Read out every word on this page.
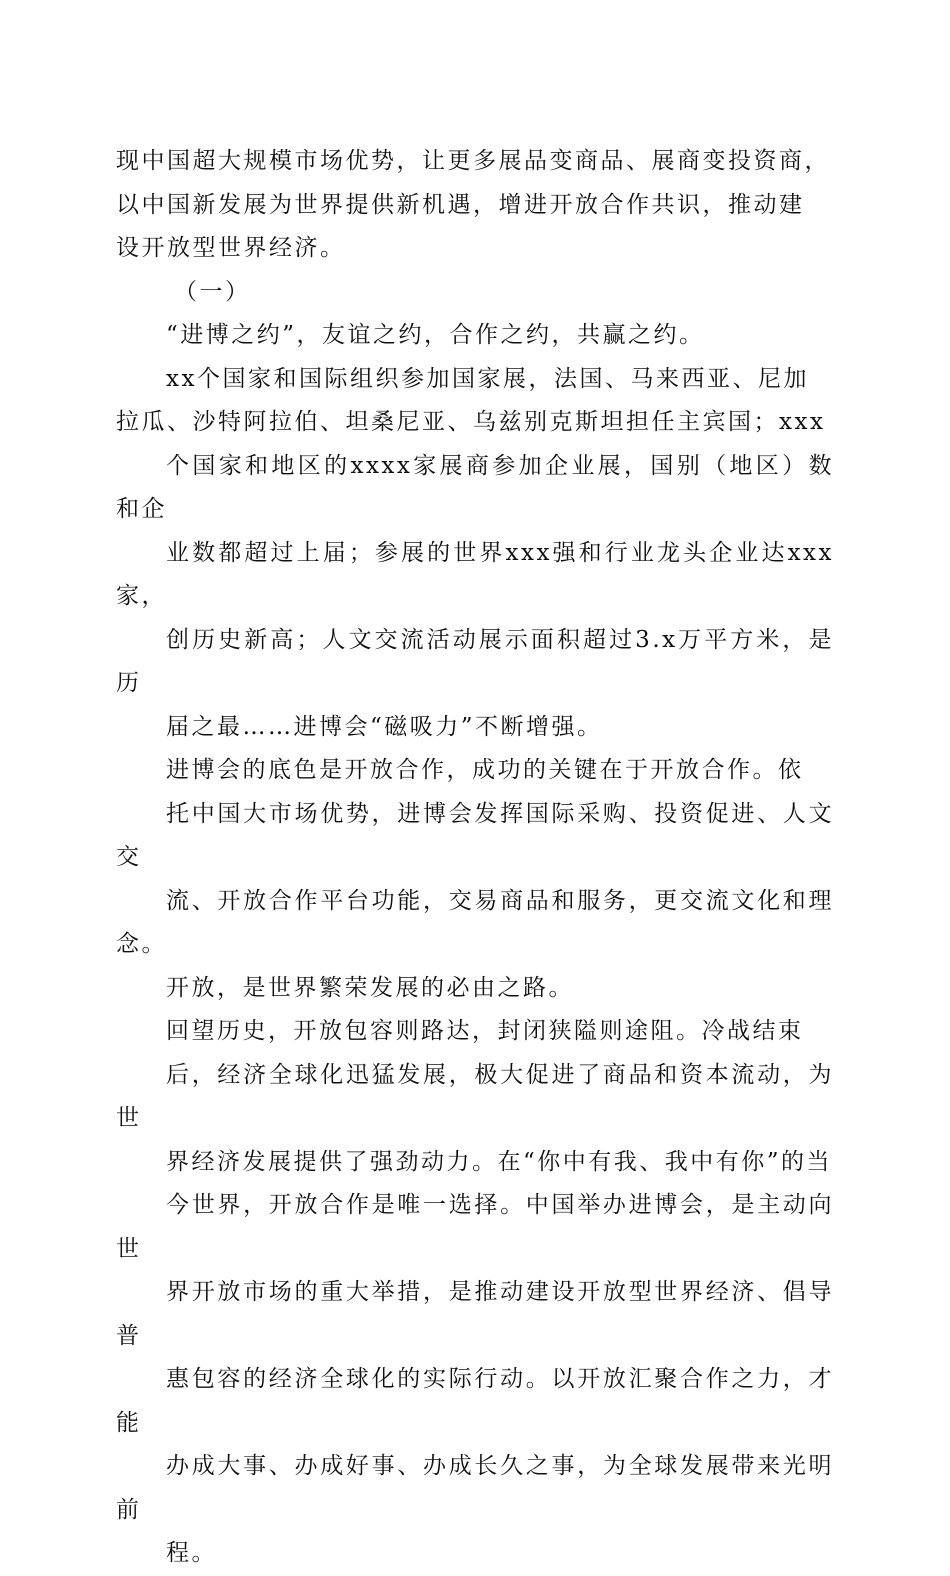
现中国超大规模市场优势，让更多展品变商品、展商变投资商，
以中国新发展为世界提供新机遇，增进开放合作共识，推动建
设开放型世界经济。

（一）

“进博之约”，友谊之约，合作之约，共赢之约。

xx个国家和国际组织参加国家展，法国、马来西亚、尼加
拉瓜、沙特阿拉伯、坦桑尼亚、乌兹别克斯坦担任主宾国；xxx
个国家和地区的xxxx家展商参加企业展，国别（地区）数和企
业数都超过上届；参展的世界xxx强和行业龙头企业达xxx家，
创历史新高；人文交流活动展示面积超过3.x万平方米，是历
届之最……进博会“磁吸力”不断增强。

进博会的底色是开放合作，成功的关键在于开放合作。依
托中国大市场优势，进博会发挥国际采购、投资促进、人文交
流、开放合作平台功能，交易商品和服务，更交流文化和理念。

开放，是世界繁荣发展的必由之路。

回望历史，开放包容则路达，封闭狭隘则途阻。冷战结束
后，经济全球化迅猛发展，极大促进了商品和资本流动，为世
界经济发展提供了强劲动力。在“你中有我、我中有你”的当
今世界，开放合作是唯一选择。中国举办进博会，是主动向世
界开放市场的重大举措，是推动建设开放型世界经济、倡导普
惠包容的经济全球化的实际行动。以开放汇聚合作之力，才能
办成大事、办成好事、办成长久之事，为全球发展带来光明前
程。
